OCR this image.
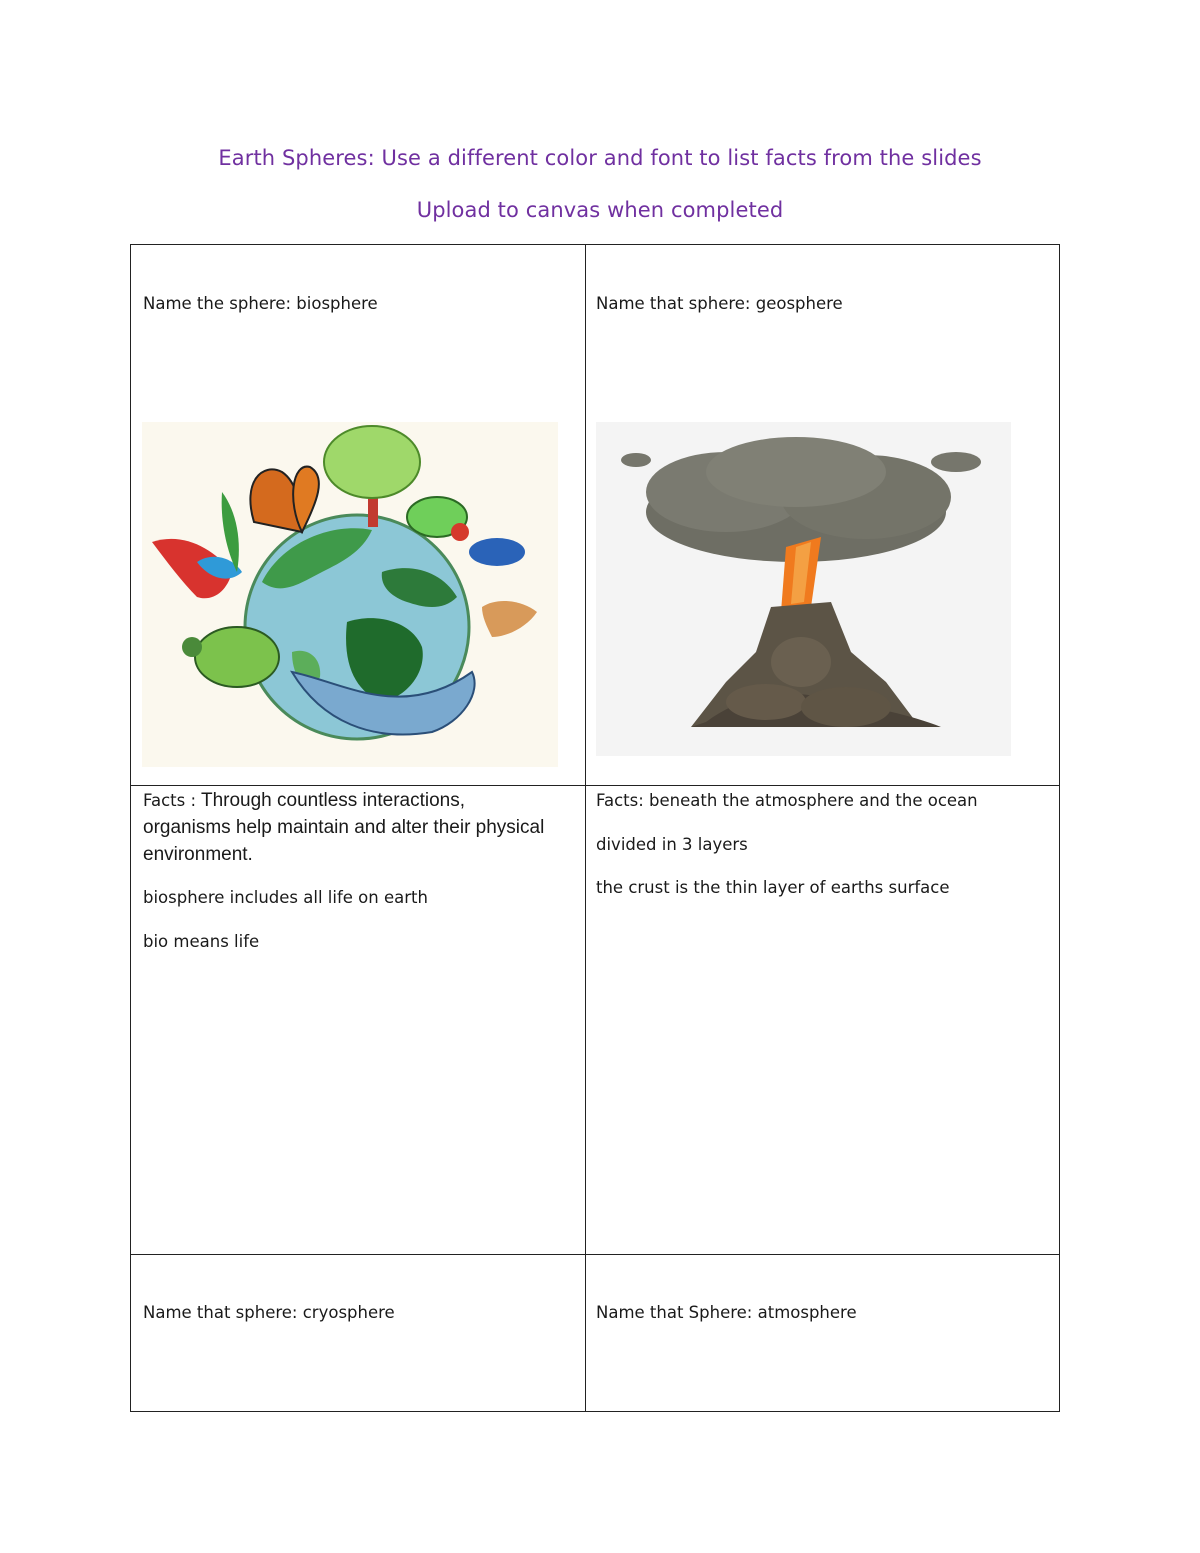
Earth Spheres: Use a different color and font to list facts from the slides
Upload to canvas when completed
Name the sphere: biosphere	Name that sphere: geosphere
Facts : Through countless interactions, organisms help maintain and alter their physical environment.
biosphere includes all life on earth
bio means life
Facts: beneath the atmosphere and the ocean
divided in 3 layers
the crust is the thin layer of earths surface
Name that sphere: cryosphere	Name that Sphere: atmosphere
